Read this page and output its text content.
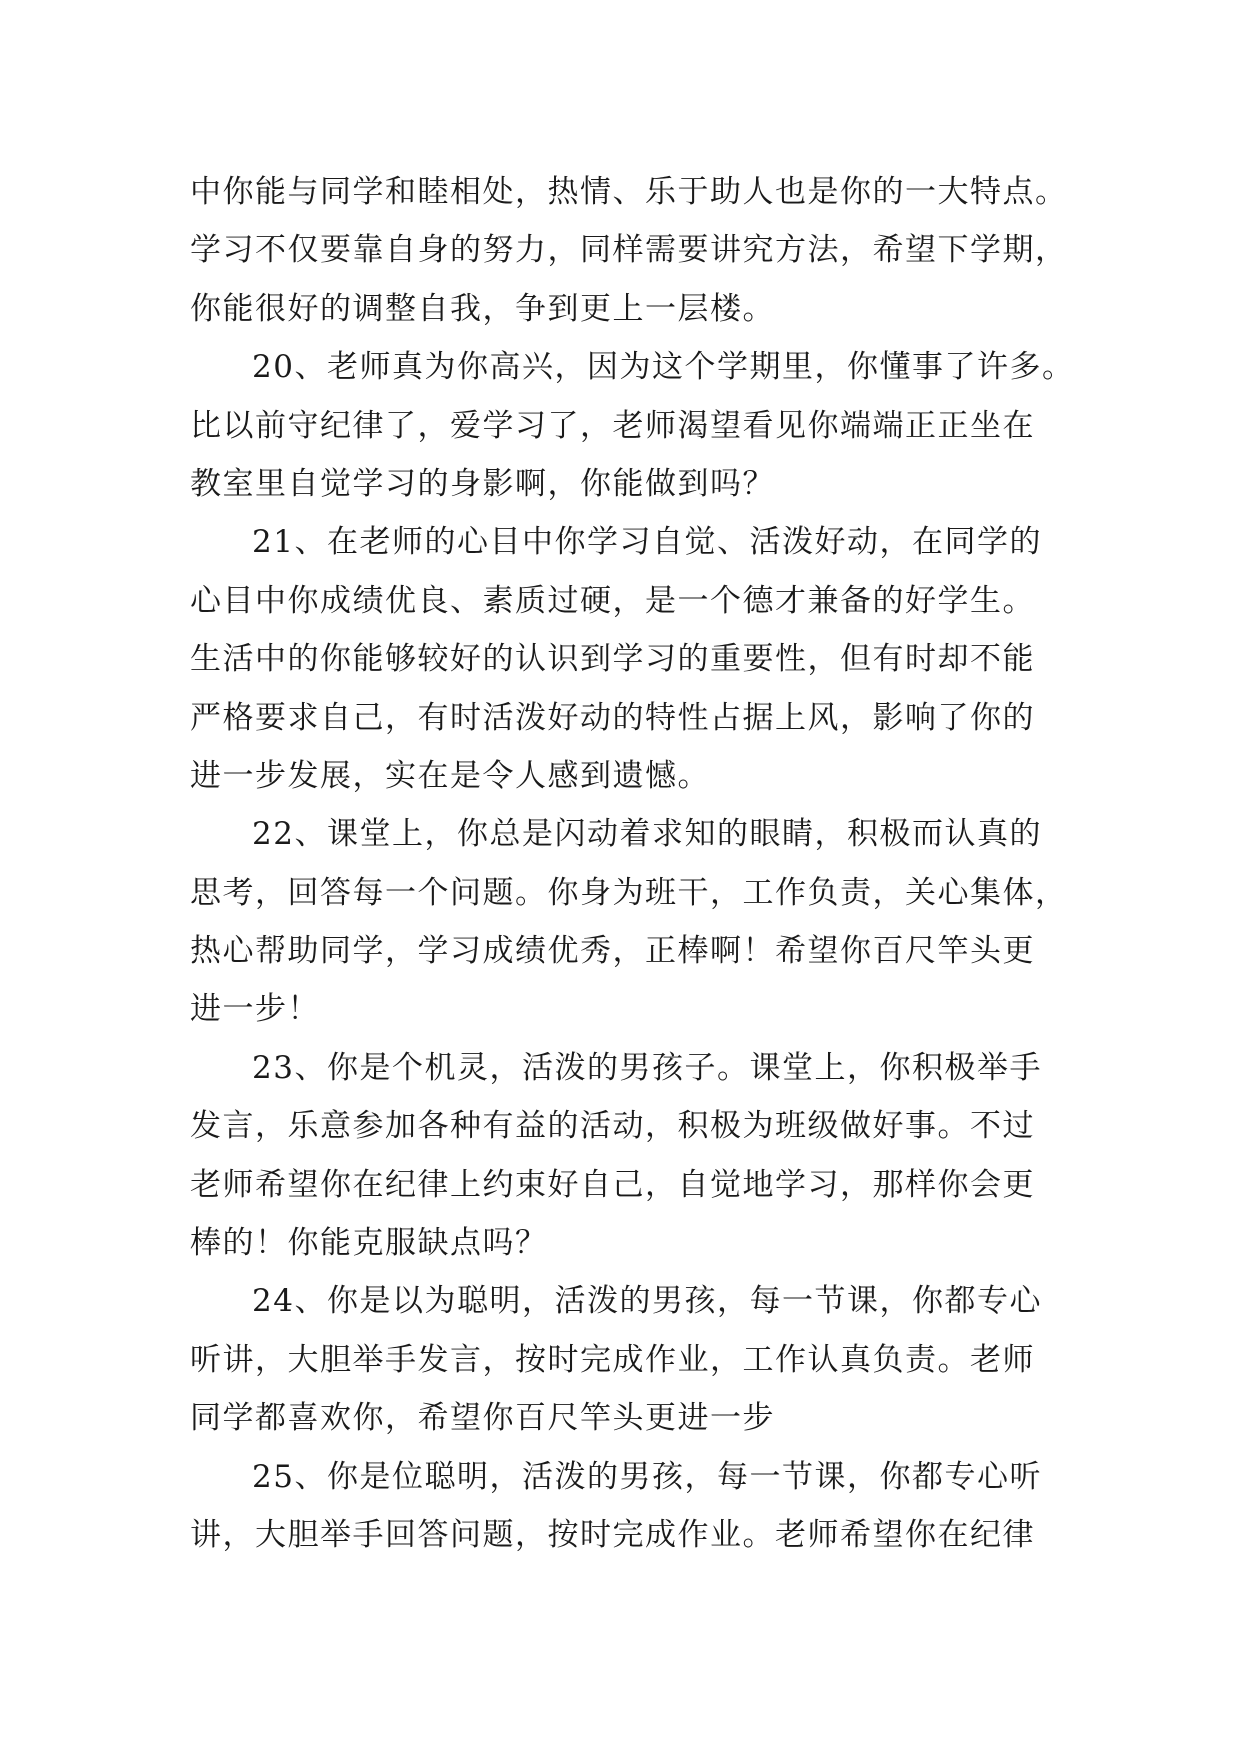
中你能与同学和睦相处，热情、乐于助人也是你的一大特点。
学习不仅要靠自身的努力，同样需要讲究方法，希望下学期，
你能很好的调整自我，争到更上一层楼。
20、老师真为你高兴，因为这个学期里，你懂事了许多。
比以前守纪律了，爱学习了，老师渴望看见你端端正正坐在
教室里自觉学习的身影啊，你能做到吗？
21、在老师的心目中你学习自觉、活泼好动，在同学的
心目中你成绩优良、素质过硬，是一个德才兼备的好学生。
生活中的你能够较好的认识到学习的重要性，但有时却不能
严格要求自己，有时活泼好动的特性占据上风，影响了你的
进一步发展，实在是令人感到遗憾。
22、课堂上，你总是闪动着求知的眼睛，积极而认真的
思考，回答每一个问题。你身为班干，工作负责，关心集体，
热心帮助同学，学习成绩优秀，正棒啊！希望你百尺竿头更
进一步！
23、你是个机灵，活泼的男孩子。课堂上，你积极举手
发言，乐意参加各种有益的活动，积极为班级做好事。不过
老师希望你在纪律上约束好自己，自觉地学习，那样你会更
棒的！你能克服缺点吗？
24、你是以为聪明，活泼的男孩，每一节课，你都专心
听讲，大胆举手发言，按时完成作业，工作认真负责。老师
同学都喜欢你，希望你百尺竿头更进一步
25、你是位聪明，活泼的男孩，每一节课，你都专心听
讲，大胆举手回答问题，按时完成作业。老师希望你在纪律
